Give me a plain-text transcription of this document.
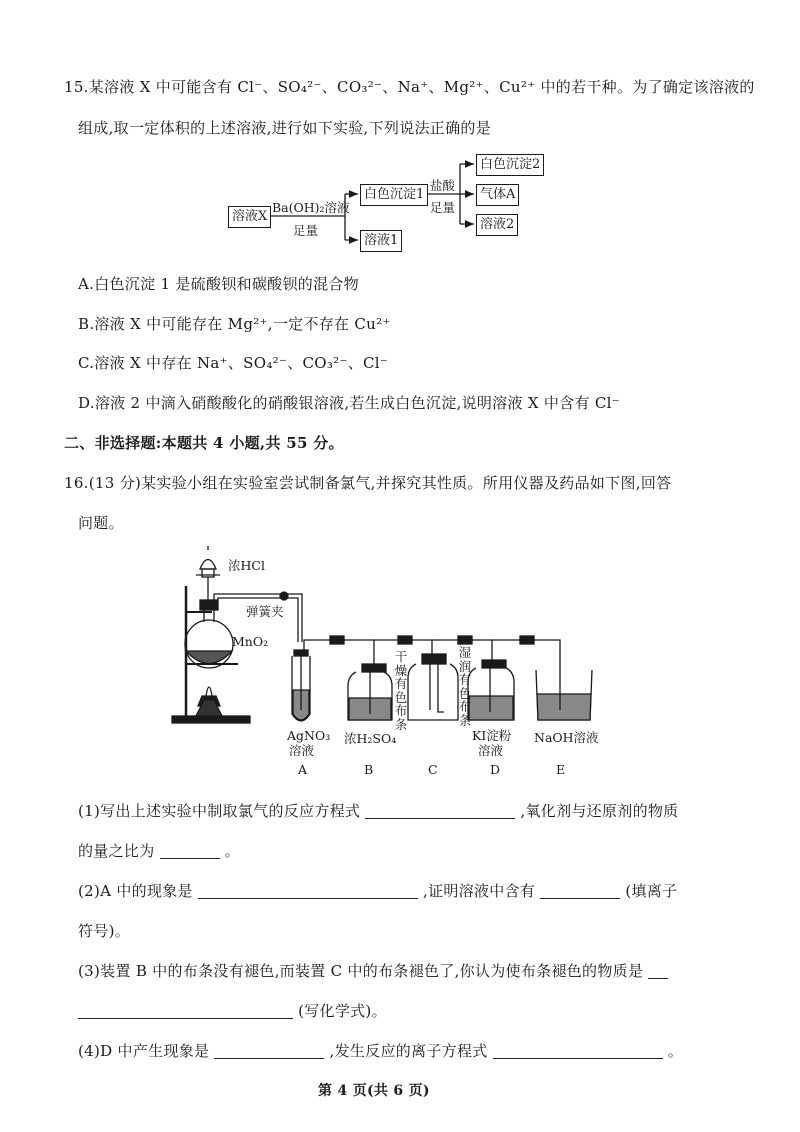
15.某溶液 X 中可能含有 Cl⁻、SO₄²⁻、CO₃²⁻、Na⁺、Mg²⁺、Cu²⁺ 中的若干种。为了确定该溶液的
组成,取一定体积的上述溶液,进行如下实验,下列说法正确的是
溶液X
Ba(OH)₂溶液
足量
白色沉淀1
溶液1
盐酸
足量
白色沉淀2
气体A
溶液2
A.白色沉淀 1 是硫酸钡和碳酸钡的混合物
B.溶液 X 中可能存在 Mg²⁺,一定不存在 Cu²⁺
C.溶液 X 中存在 Na⁺、SO₄²⁻、CO₃²⁻、Cl⁻
D.溶液 2 中滴入硝酸酸化的硝酸银溶液,若生成白色沉淀,说明溶液 X 中含有 Cl⁻
二、非选择题:本题共 4 小题,共 55 分。
16.(13 分)某实验小组在实验室尝试制备氯气,并探究其性质。所用仪器及药品如下图,回答
问题。
浓HCl
弹簧夹
MnO₂
AgNO₃
溶液
浓H₂SO₄
干燥有色布条
湿润有色布条
KI淀粉
溶液
NaOH溶液
A	B	C	D	E
(1)写出上述实验中制取氯气的反应方程式	,氧化剂与还原剂的物质
的量之比为	。
(2)A 中的现象是	,证明溶液中含有	(填离子
符号)。
(3)装置 B 中的布条没有褪色,而装置 C 中的布条褪色了,你认为使布条褪色的物质是
(写化学式)。
(4)D 中产生现象是	,发生反应的离子方程式	。
第 4 页(共 6 页)
